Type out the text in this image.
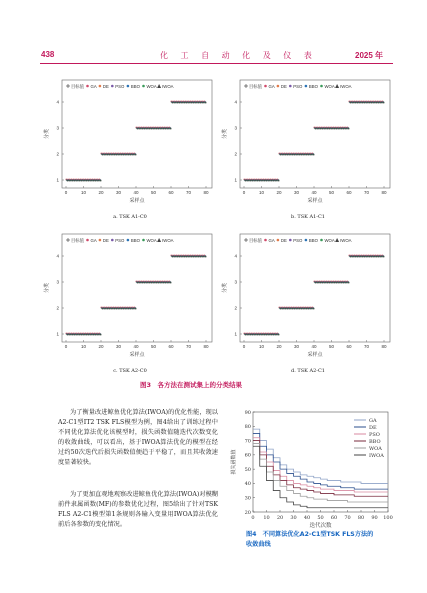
438	化 工 自 动 化 及 仪 表	2025 年
目标值 GA DE PSO BBO WOA IWOA
1
2
3
4
0	10	20	30	40	50	60	70	80
分类
采样点
a. TSK A1-C0
目标值 GA DE PSO BBO WOA IWOA
1
2
3
4
0	10	20	30	40	50	60	70	80
分类
采样点
b. TSK A1-C1
目标值 GA DE PSO BBO WOA IWOA
1
2
3
4
0	10	20	30	40	50	60	70	80
分类
采样点
c. TSK A2-C0
目标值 GA DE PSO BBO WOA IWOA
1
2
3
4
0	10	20	30	40	50	60	70	80
分类
采样点
d. TSK A2-C1
图3　各方法在测试集上的分类结果
为了衡量改进鲸鱼优化算法(IWOA)的优化性能，现以A2-C1型IT2 TSK FLS模型为例，图4给出了训练过程中不同优化算法优化该模型时，损失函数值随迭代次数变化的收敛曲线，可以看出，基于IWOA算法优化的模型在经过约50次迭代后损失函数值便趋于平稳了，而且其收敛速度显著较快。
为了更加直观地观察改进鲸鱼优化算法(IWOA)对模糊前件隶属函数(MF)的参数优化过程，图5给出了针对TSK FLS A2-C1模型第1条规则各输入变量用IWOA算法优化前后各参数的变化情况。
20
30
40
50
60
70
80
90
0 10 20 30 40 50 60 70 80 90 100
损失函数值
迭代次数
GA
DE
PSO
BBO
WOA
IWOA
图4　不同算法优化A2-C1型TSK FLS方法的收敛曲线
